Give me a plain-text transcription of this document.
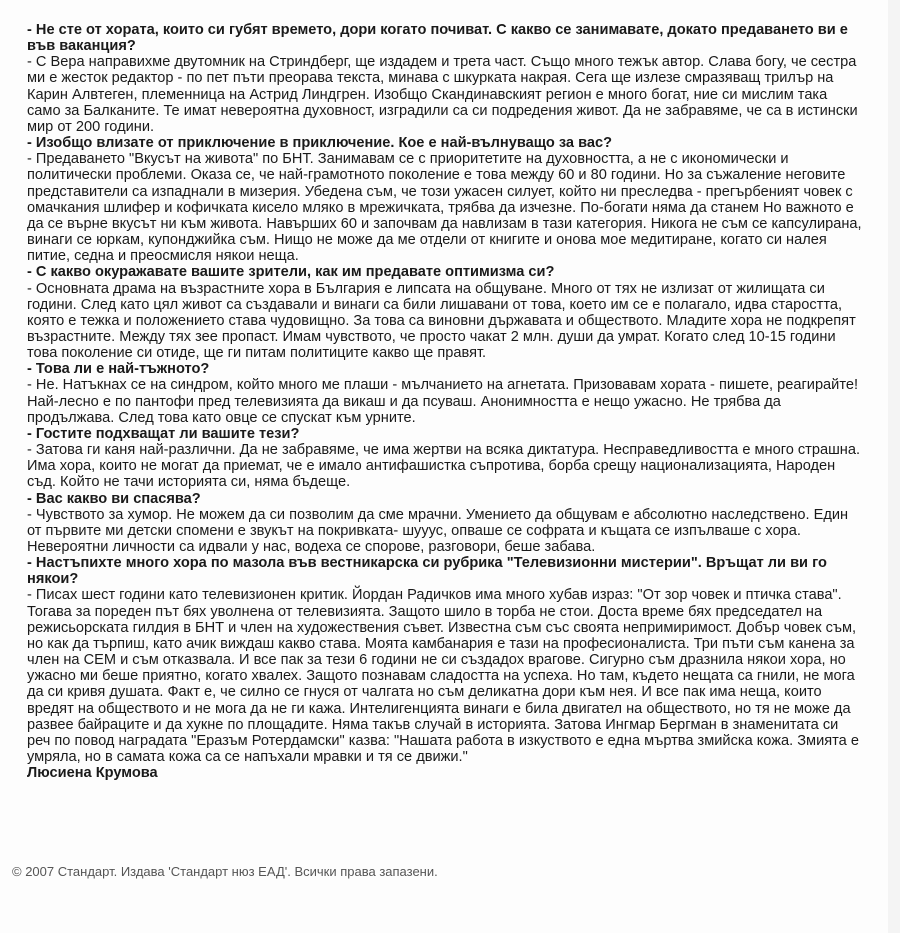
- Не сте от хората, които си губят времето, дори когато почиват. С какво се занимавате, докато предаването ви е във ваканция?

- С Вера направихме двутомник на Стриндберг, ще издадем и трета част. Също много тежък автор. Слава богу, че сестра ми е жесток редактор - по пет пъти преорава текста, минава с шкурката накрая. Сега ще излезе смразяващ трилър на Карин Алвтеген, племенница на Астрид Линдгрен. Изобщо Скандинавският регион е много богат, ние си мислим така само за Балканите. Те имат невероятна духовност, изградили са си подредения живот. Да не забравяме, че са в истински мир от 200 години.

- Изобщо влизате от приключение в приключение. Кое е най-вълнуващо за вас?

- Предаването "Вкусът на живота" по БНТ. Занимавам се с приоритетите на духовността, а не с икономически и политически проблеми. Оказа се, че най-грамотното поколение е това между 60 и 80 години. Но за съжаление неговите представители са изпаднали в мизерия. Убедена съм, че този ужасен силует, който ни преследва - прегърбеният човек с омачкания шлифер и кофичката кисело мляко в мрежичката, трябва да изчезне. По-богати няма да станем Но важното е да се върне вкусът ни към живота. Навърших 60 и започвам да навлизам в тази категория. Никога не съм се капсулирана, винаги се юркам, купонджийка съм. Нищо не може да ме отдели от книгите и онова мое медитиране, когато си налея питие, седна и преосмисля някои неща.

- С какво окуражавате вашите зрители, как им предавате оптимизма си?

- Основната драма на възрастните хора в България е липсата на общуване. Много от тях не излизат от жилищата си години. След като цял живот са създавали и винаги са били лишавани от това, което им се е полагало, идва старостта, която е тежка и положението става чудовищно. За това са виновни държавата и обществото. Младите хора не подкрепят възрастните. Между тях зее пропаст. Имам чувството, че просто чакат 2 млн. души да умрат. Когато след 10-15 години това поколение си отиде, ще ги питам политиците какво ще правят.

- Това ли е най-тъжното?

- Не. Натъкнах се на синдром, който много ме плаши - мълчанието на агнетата. Призовавам хората - пишете, реагирайте! Най-лесно е по пантофи пред телевизията да викаш и да псуваш. Анонимността е нещо ужасно. Не трябва да продължава. След това като овце се спускат към урните.

- Гостите подхващат ли вашите тези?

- Затова ги каня най-различни. Да не забравяме, че има жертви на всяка диктатура. Несправедливостта е много страшна. Има хора, които не могат да приемат, че е имало антифашистка съпротива, борба срещу национализацията, Народен съд. Който не тачи историята си, няма бъдеще.

- Вас какво ви спасява?

- Чувството за хумор. Не можем да си позволим да сме мрачни. Умението да общувам е абсолютно наследствено. Един от първите ми детски спомени е звукът на покривката- шууус, опваше се софрата и къщата се изпълваше с хора. Невероятни личности са идвали у нас, водеха се спорове, разговори, беше забава.

- Настъпихте много хора по мазола във вестникарска си рубрика "Телевизионни мистерии". Връщат ли ви го някои?

- Писах шест години като телевизионен критик. Йордан Радичков има много хубав израз: "От зор човек и птичка става". Тогава за пореден път бях уволнена от телевизията. Защото шило в торба не стои. Доста време бях председател на режисьорската гилдия в БНТ и член на художествения съвет. Известна съм със своята непримиримост. Добър човек съм, но как да търпиш, като ачик виждаш какво става. Моята камбанария е тази на професионалиста. Три пъти съм канена за член на СЕМ и съм отказвала. И все пак за тези 6 години не си създадох врагове. Сигурно съм дразнила някои хора, но ужасно ми беше приятно, когато хвалех. Защото познавам сладостта на успеха. Но там, където нещата са гнили, не мога да си кривя душата. Факт е, че силно се гнуся от чалгата но съм деликатна дори към нея. И все пак има неща, които вредят на обществото и не мога да не ги кажа. Интелигенцията винаги е била двигател на обществото, но тя не може да развее байраците и да хукне по площадите. Няма такъв случай в историята. Затова Ингмар Бергман в знаменитата си реч по повод наградата "Еразъм Ротердамски" казва: "Нашата работа в изкуството е една мъртва змийска кожа. Змията е умряла, но в самата кожа са се напъхали мравки и тя се движи."

Люсиена Крумова

© 2007 Стандарт. Издава 'Стандарт нюз ЕАД'. Всички права запазени.
